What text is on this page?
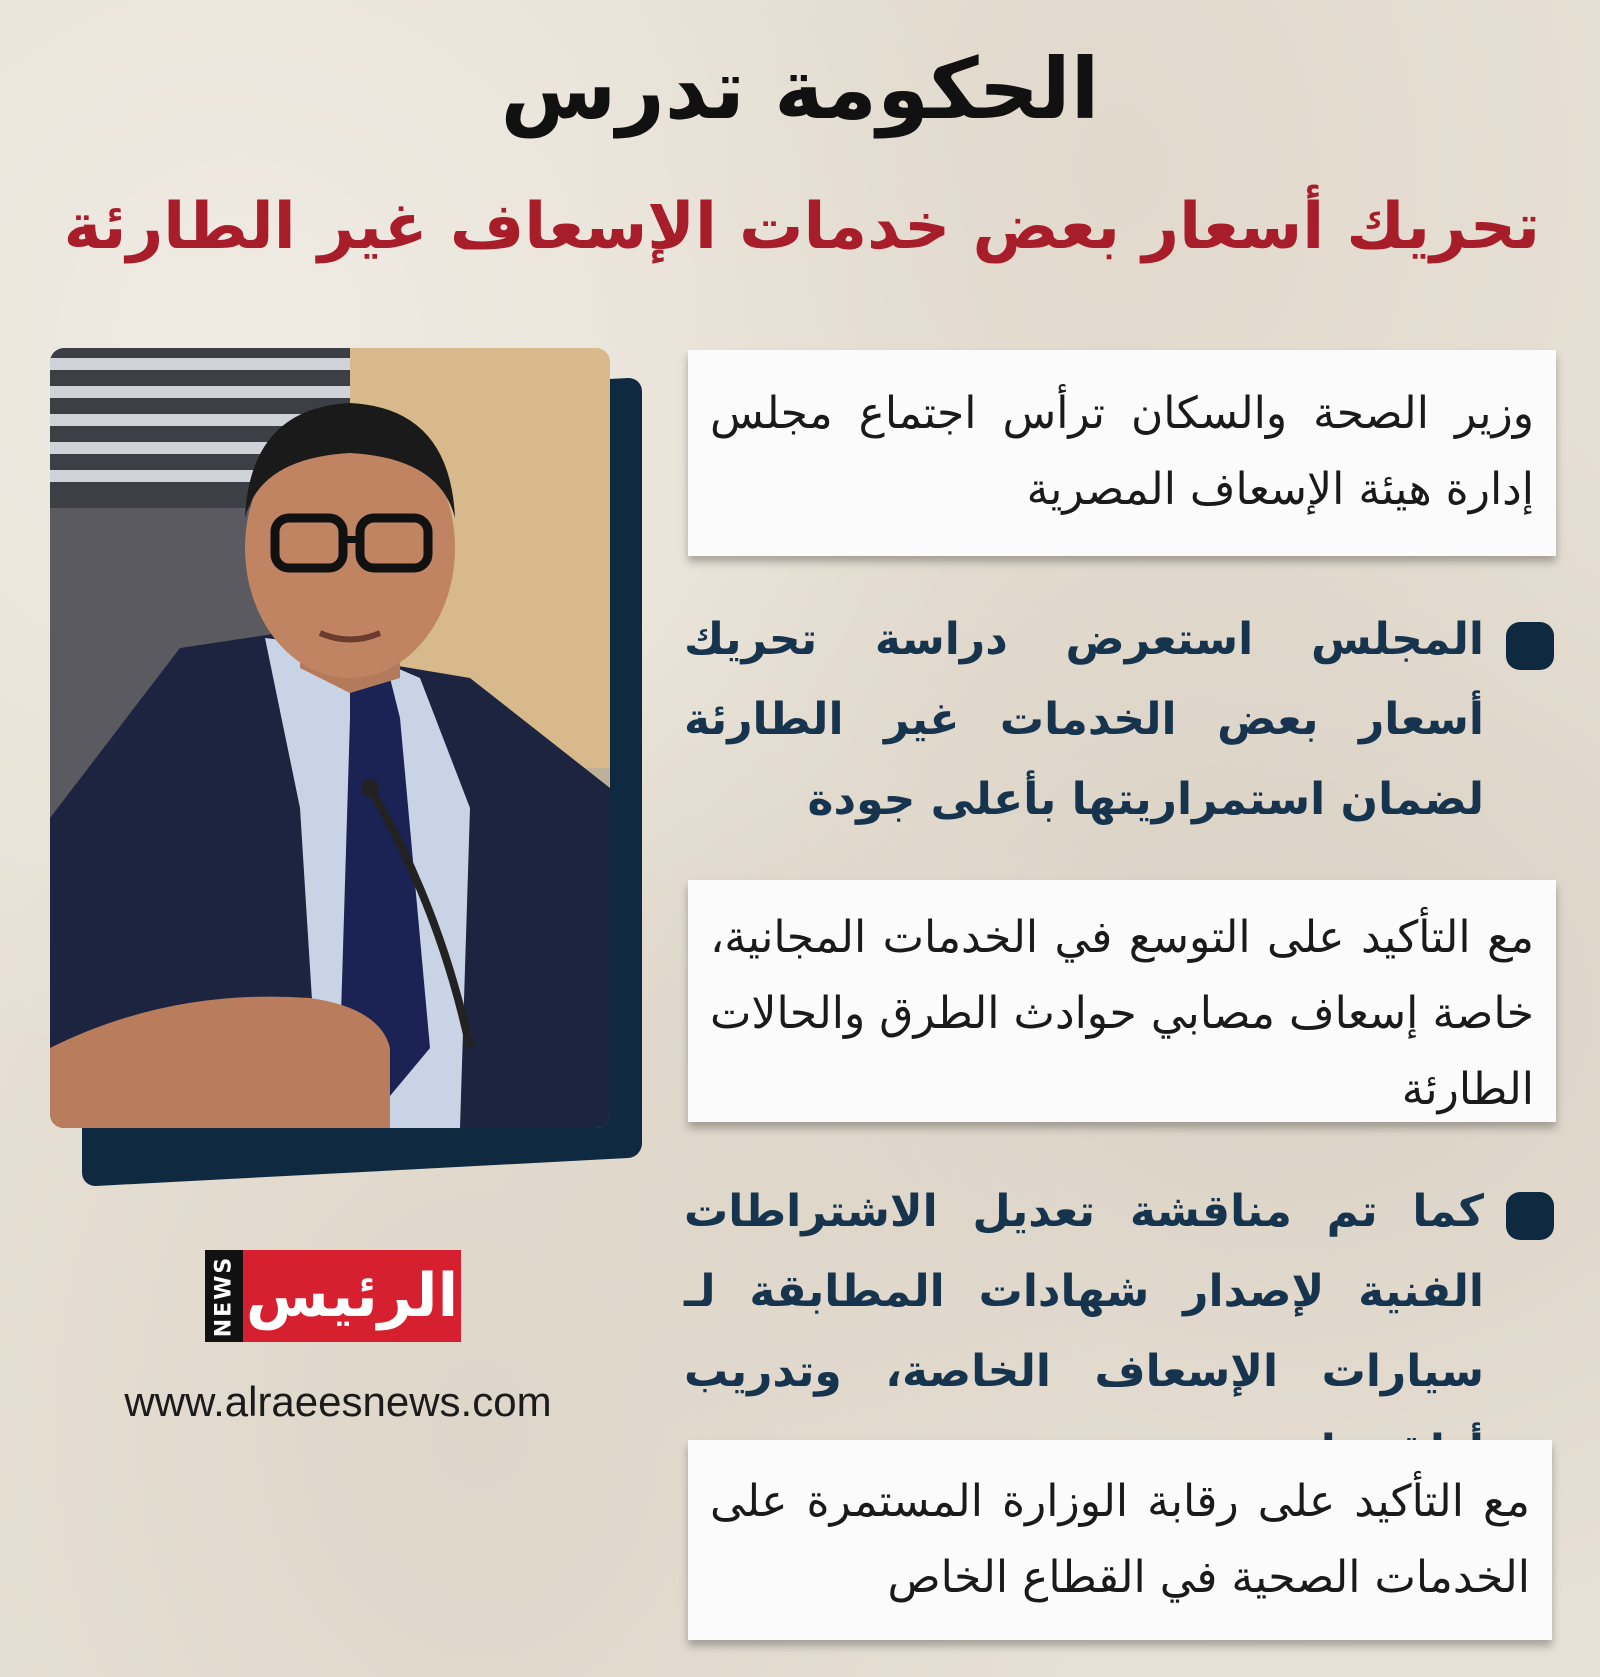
الحكومة تدرس
تحريك أسعار بعض خدمات الإسعاف غير الطارئة
NEWS الرئيس
www.alraeesnews.com
وزير الصحة والسكان ترأس اجتماع مجلس إدارة هيئة الإسعاف المصرية
المجلس استعرض دراسة تحريك أسعار بعض الخدمات غير الطارئة لضمان استمراريتها بأعلى جودة
مع التأكيد على التوسع في الخدمات المجانية، خاصة إسعاف مصابي حوادث الطرق والحالات الطارئة
كما تم مناقشة تعديل الاشتراطات الفنية لإصدار شهادات المطابقة لـ سيارات الإسعاف الخاصة، وتدريب
مع التأكيد على رقابة الوزارة المستمرة على الخدمات الصحية في القطاع الخاص
